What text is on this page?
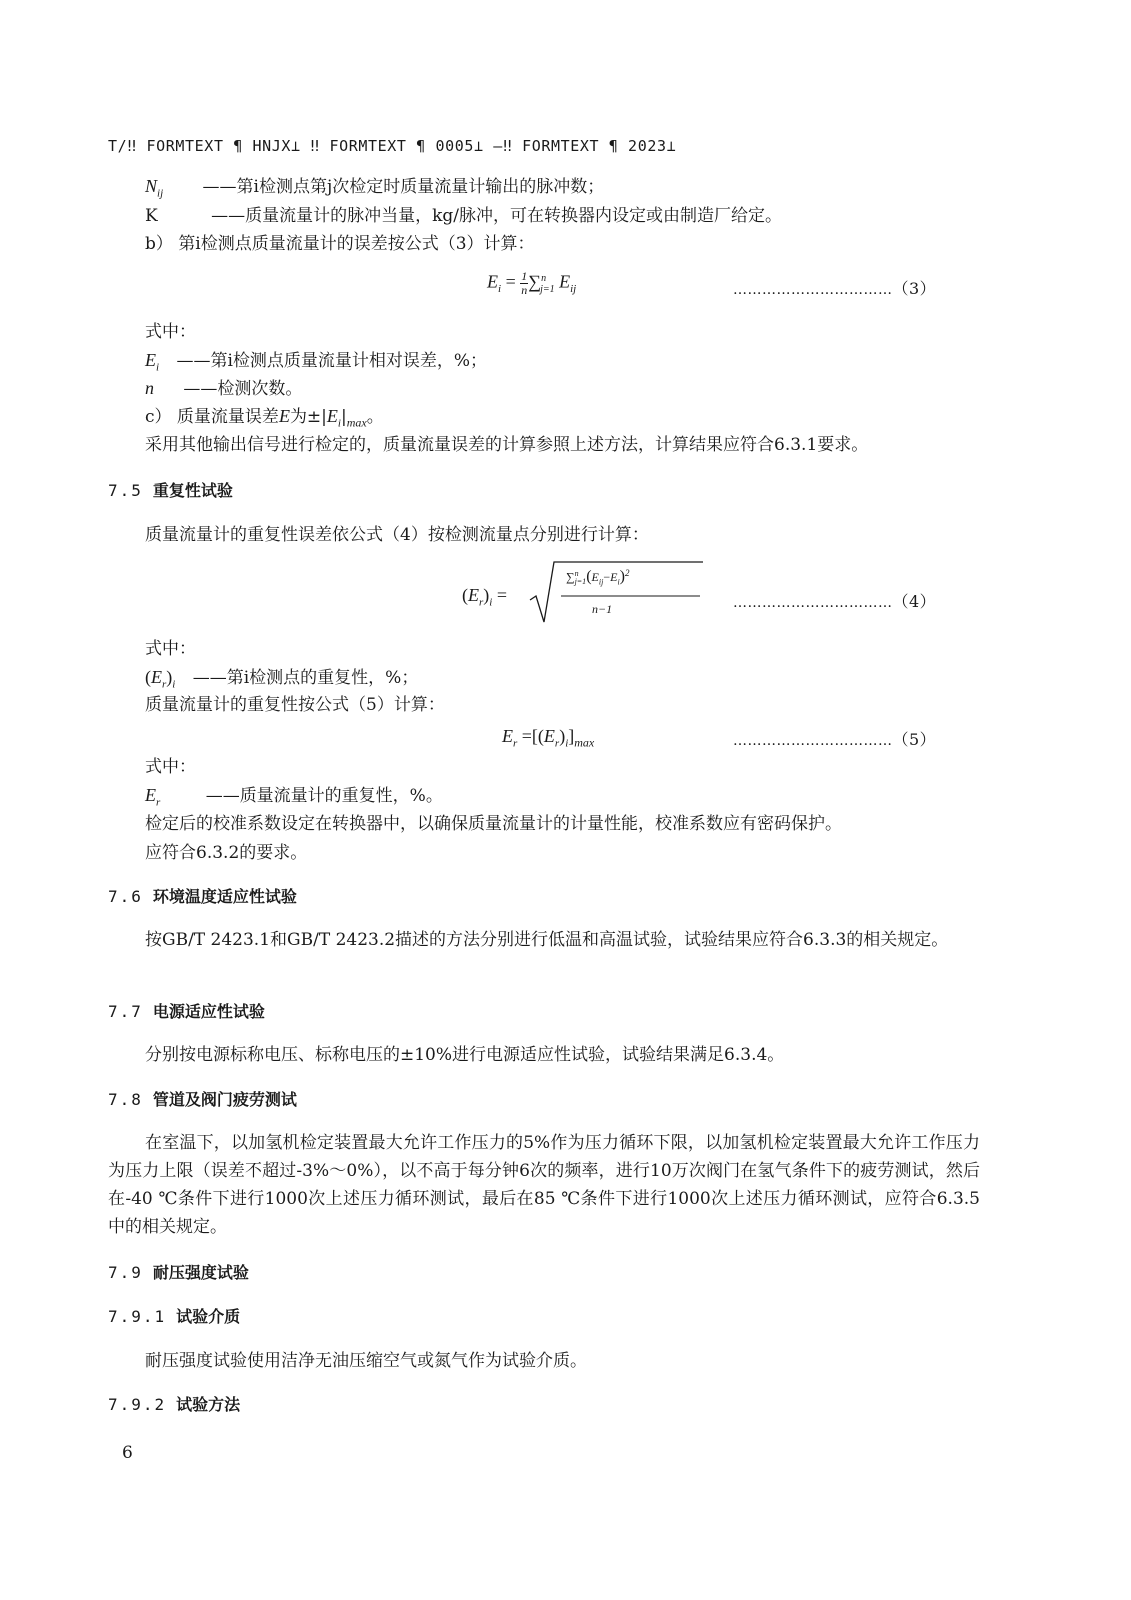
T/‼ FORMTEXT ¶ HNJX⊥ ‼ FORMTEXT ¶ 0005⊥ —‼ FORMTEXT ¶ 2023⊥
$N_{ij}$ ——第i检测点第j次检定时质量流量计输出的脉冲数；
K	——质量流量计的脉冲当量，kg/脉冲，可在转换器内设定或由制造厂给定。
b） 第i检测点质量流量计的误差按公式（3）计算：
$E_i = \frac{1}{n} \sum^n_{j=1}$ $E_{ij}$	……………………………（3）
式中：
$E_i$ ——第i检测点质量流量计相对误差，%；
n ——检测次数。
c） 质量流量误差E为$\pm|E_i|_{max}$。
采用其他输出信号进行检定的，质量流量误差的计算参照上述方法，计算结果应符合6.3.1要求。
7.5 重复性试验
质量流量计的重复性误差依公式（4）按检测流量点分别进行计算：
$(E_r)_i$ =
$\sum^n_{j=1}(E_{ij}-E_i)^2$
n−1	……………………………（4）
式中：
$(E_r)_i$ ——第i检测点的重复性，%；
质量流量计的重复性按公式（5）计算：
$E_r =[(E_r)_i]_{max}$	……………………………（5）
式中：
$E_r$	——质量流量计的重复性，%。
检定后的校准系数设定在转换器中，以确保质量流量计的计量性能，校准系数应有密码保护。
应符合6.3.2的要求。
7.6 环境温度适应性试验
按GB/T 2423.1和GB/T 2423.2描述的方法分别进行低温和高温试验，试验结果应符合6.3.3的相关规定。
7.7 电源适应性试验
分别按电源标称电压、标称电压的±10%进行电源适应性试验，试验结果满足6.3.4。
7.8 管道及阀门疲劳测试
在室温下，以加氢机检定装置最大允许工作压力的5%作为压力循环下限，以加氢机检定装置最大允许工作压力为压力上限（误差不超过-3%～0%），以不高于每分钟6次的频率，进行10万次阀门在氢气条件下的疲劳测试，然后在-40 ℃条件下进行1000次上述压力循环测试，最后在85 ℃条件下进行1000次上述压力循环测试，应符合6.3.5中的相关规定。
7.9 耐压强度试验
7.9.1 试验介质
耐压强度试验使用洁净无油压缩空气或氮气作为试验介质。
7.9.2 试验方法
6
